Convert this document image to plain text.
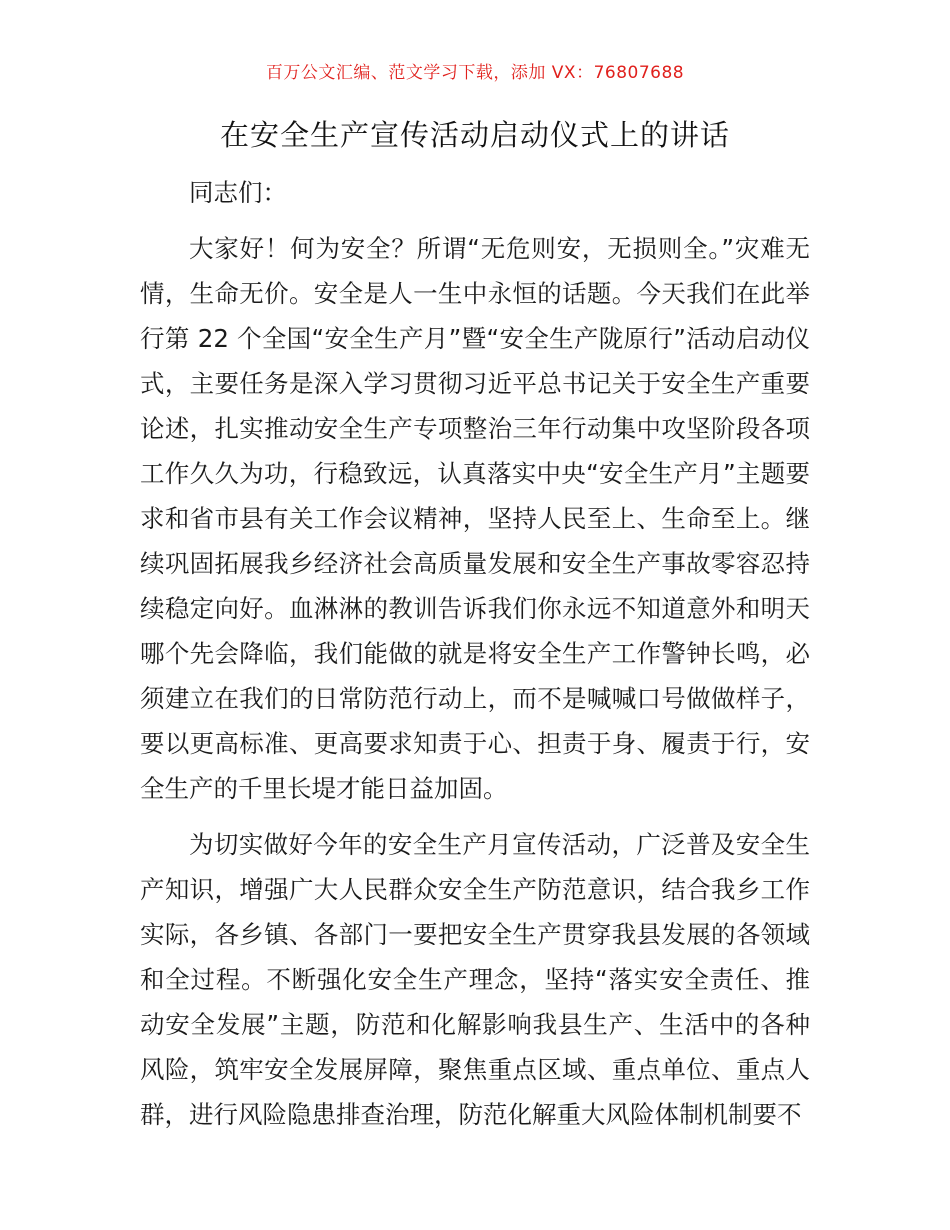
百万公文汇编、范文学习下载，添加 VX：76807688
在安全生产宣传活动启动仪式上的讲话

同志们：

大家好！何为安全？所谓“无危则安，无损则全。”灾难无情，生命无价。安全是人一生中永恒的话题。今天我们在此举行第 22 个全国“安全生产月”暨“安全生产陇原行”活动启动仪式，主要任务是深入学习贯彻习近平总书记关于安全生产重要论述，扎实推动安全生产专项整治三年行动集中攻坚阶段各项工作久久为功，行稳致远，认真落实中央“安全生产月”主题要求和省市县有关工作会议精神，坚持人民至上、生命至上。继续巩固拓展我乡经济社会高质量发展和安全生产事故零容忍持续稳定向好。血淋淋的教训告诉我们你永远不知道意外和明天哪个先会降临，我们能做的就是将安全生产工作警钟长鸣，必须建立在我们的日常防范行动上，而不是喊喊口号做做样子，要以更高标准、更高要求知责于心、担责于身、履责于行，安全生产的千里长堤才能日益加固。

为切实做好今年的安全生产月宣传活动，广泛普及安全生产知识，增强广大人民群众安全生产防范意识，结合我乡工作实际，各乡镇、各部门一要把安全生产贯穿我县发展的各领域和全过程。不断强化安全生产理念，坚持“落实安全责任、推动安全发展”主题，防范和化解影响我县生产、生活中的各种风险，筑牢安全发展屏障，聚焦重点区域、重点单位、重点人群，进行风险隐患排查治理，防范化解重大风险体制机制要不
